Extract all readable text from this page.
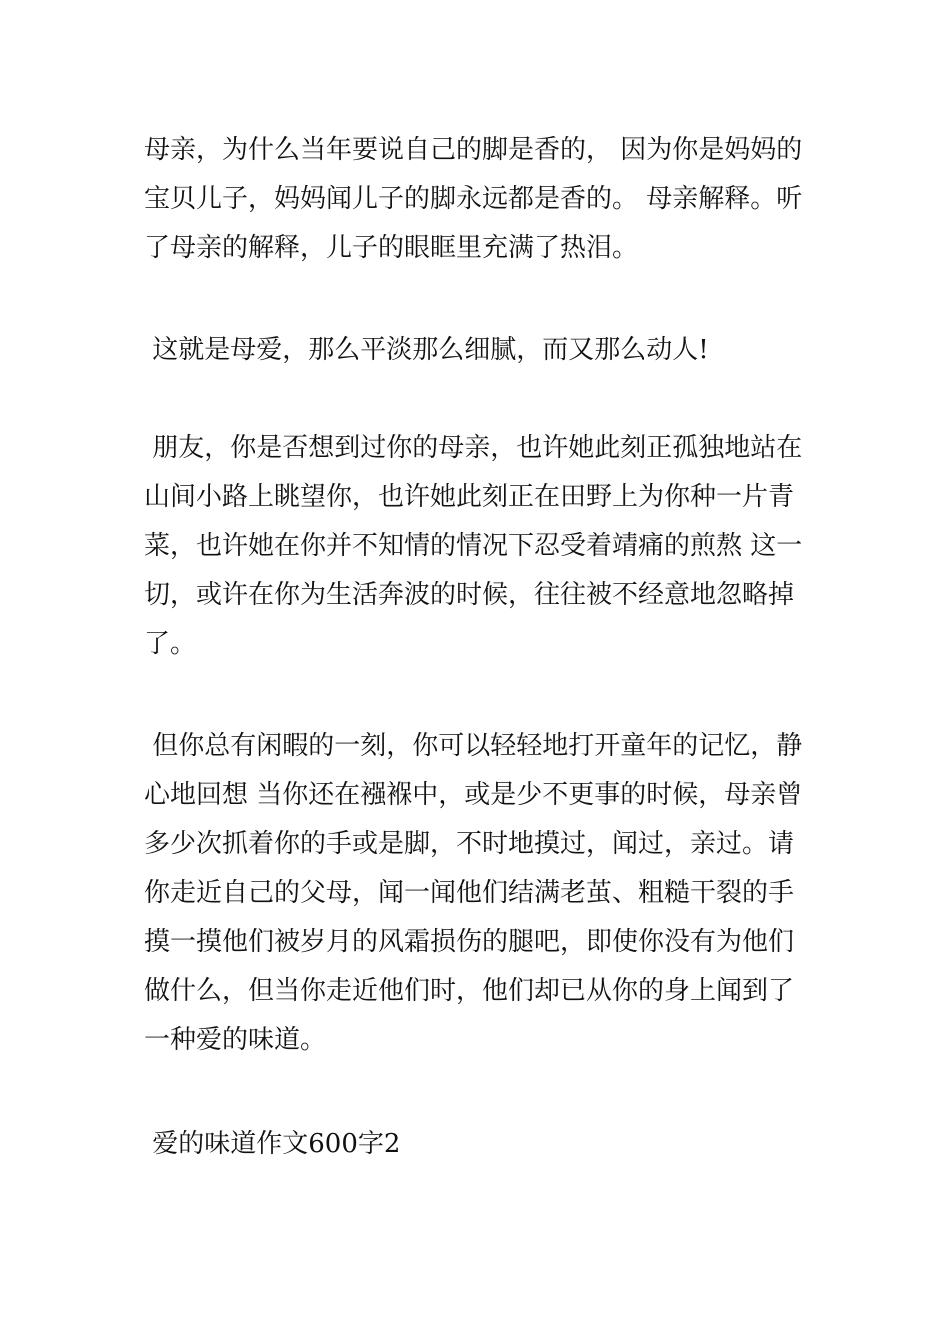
母亲，为什么当年要说自己的脚是香的， 因为你是妈妈的宝贝儿子，妈妈闻儿子的脚永远都是香的。 母亲解释。听了母亲的解释，儿子的眼眶里充满了热泪。

这就是母爱，那么平淡那么细腻，而又那么动人!

朋友，你是否想到过你的母亲，也许她此刻正孤独地站在山间小路上眺望你，也许她此刻正在田野上为你种一片青菜，也许她在你并不知情的情况下忍受着靖痛的煎熬 这一切，或许在你为生活奔波的时候，往往被不经意地忽略掉了。

但你总有闲暇的一刻，你可以轻轻地打开童年的记忆，静心地回想 当你还在襁褓中，或是少不更事的时候，母亲曾多少次抓着你的手或是脚，不时地摸过，闻过，亲过。请你走近自己的父母，闻一闻他们结满老茧、粗糙干裂的手摸一摸他们被岁月的风霜损伤的腿吧，即使你没有为他们做什么，但当你走近他们时，他们却已从你的身上闻到了一种爱的味道。

爱的味道作文600字2
